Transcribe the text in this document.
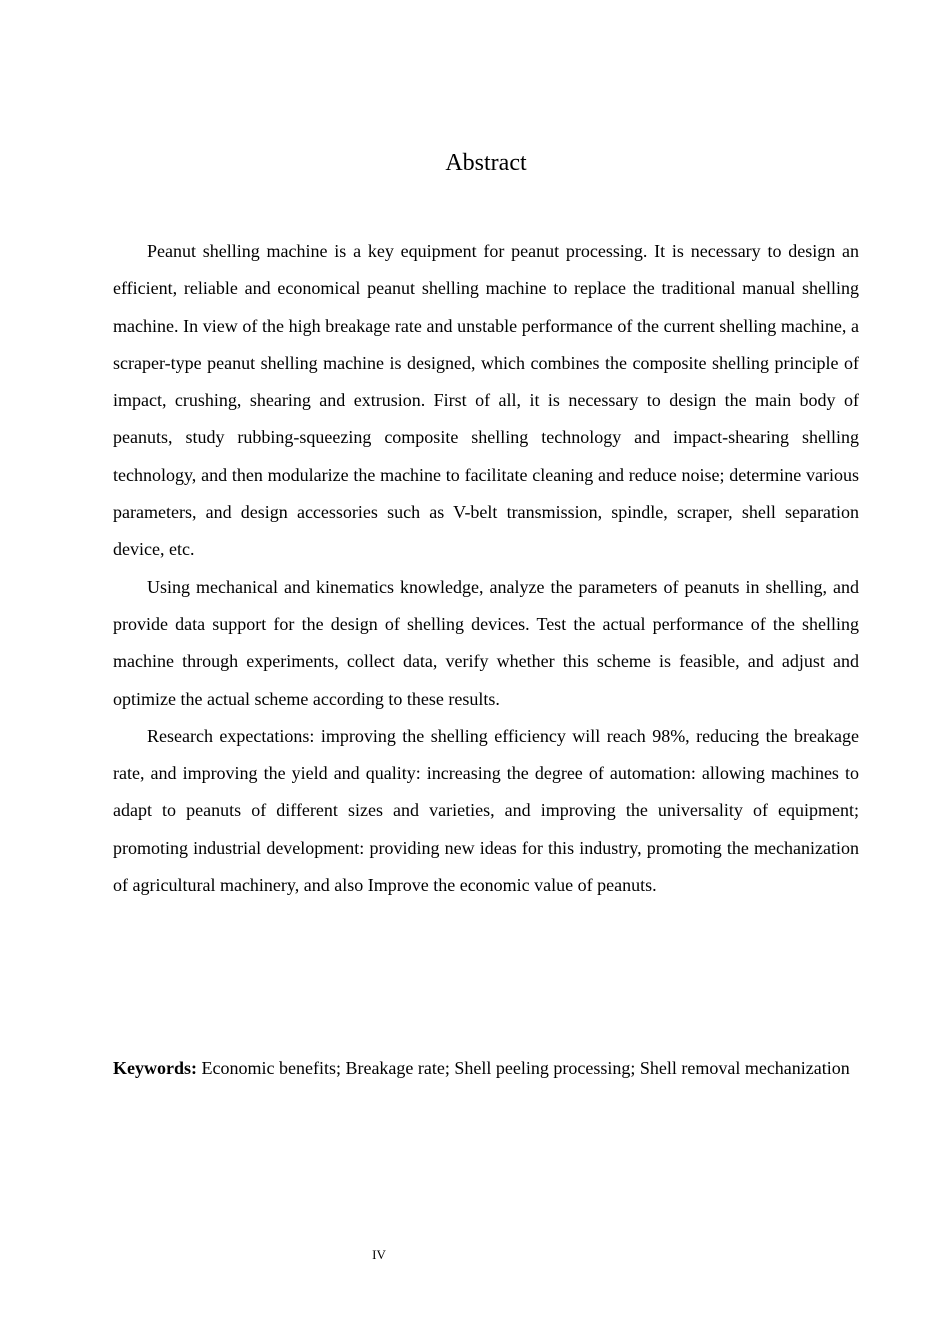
Abstract

Peanut shelling machine is a key equipment for peanut processing. It is necessary to design an efficient, reliable and economical peanut shelling machine to replace the traditional manual shelling machine. In view of the high breakage rate and unstable performance of the current shelling machine, a scraper-type peanut shelling machine is designed, which combines the composite shelling principle of impact, crushing, shearing and extrusion. First of all, it is necessary to design the main body of peanuts, study rubbing-squeezing composite shelling technology and impact-shearing shelling technology, and then modularize the machine to facilitate cleaning and reduce noise; determine various parameters, and design accessories such as V-belt transmission, spindle, scraper, shell separation device, etc.

Using mechanical and kinematics knowledge, analyze the parameters of peanuts in shelling, and provide data support for the design of shelling devices. Test the actual performance of the shelling machine through experiments, collect data, verify whether this scheme is feasible, and adjust and optimize the actual scheme according to these results.

Research expectations: improving the shelling efficiency will reach 98%, reducing the breakage rate, and improving the yield and quality: increasing the degree of automation: allowing machines to adapt to peanuts of different sizes and varieties, and improving the universality of equipment; promoting industrial development: providing new ideas for this industry, promoting the mechanization of agricultural machinery, and also Improve the economic value of peanuts.

Keywords: Economic benefits; Breakage rate; Shell peeling processing; Shell removal mechanization

IV
